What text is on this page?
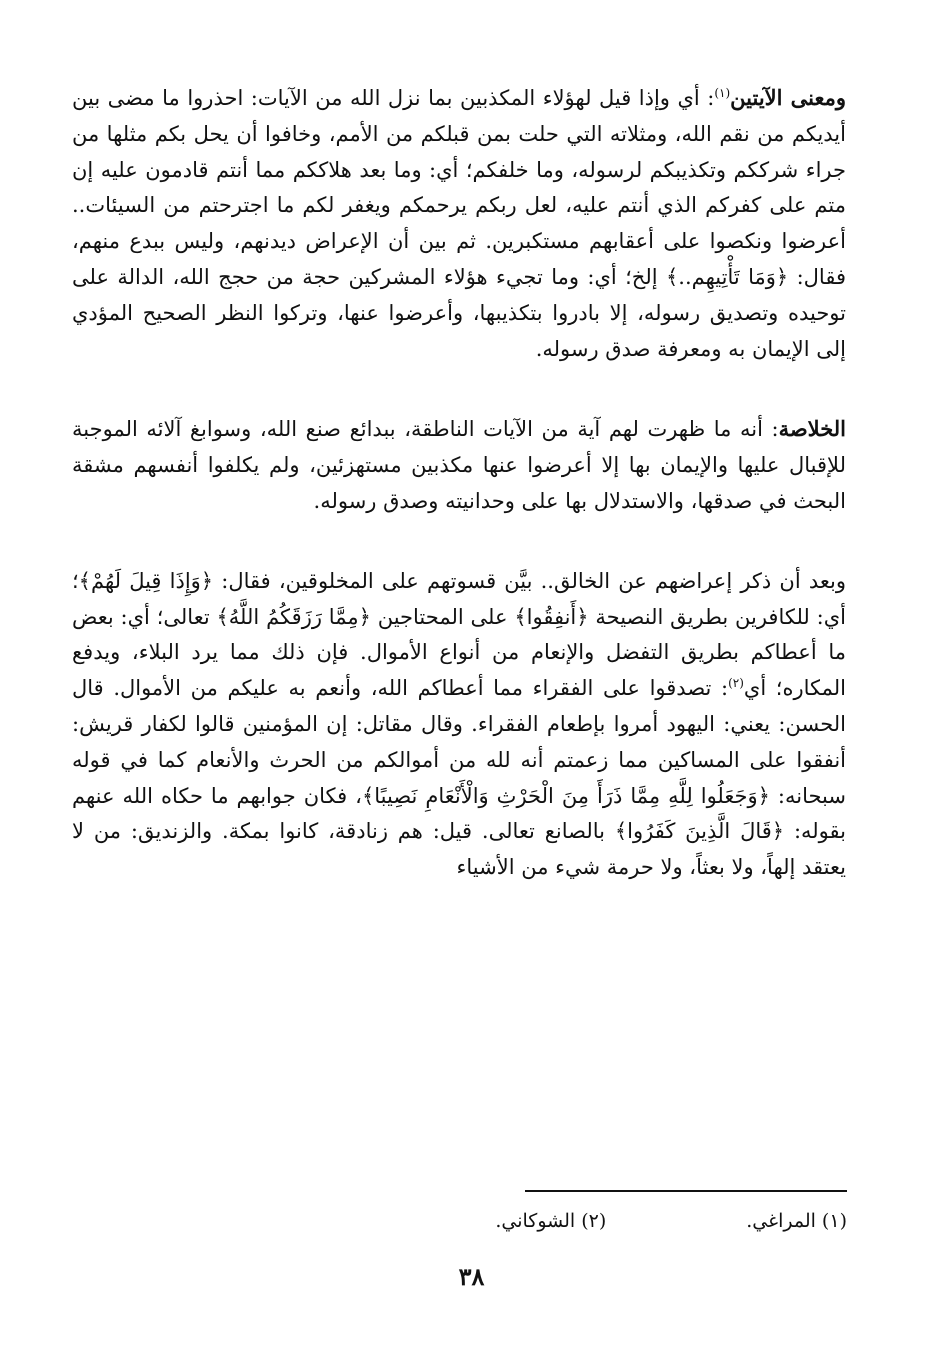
ومعنى الآيتين$^{(١)}$: أي وإذا قيل لهؤلاء المكذبين بما نزل الله من الآيات: احذروا ما مضى بين أيديكم من نقم الله، ومثلاته التي حلت بمن قبلكم من الأمم، وخافوا أن يحل بكم مثلها من جراء شرككم وتكذيبكم لرسوله، وما خلفكم؛ أي: وما بعد هلاككم مما أنتم قادمون عليه إن متم على كفركم الذي أنتم عليه، لعل ربكم يرحمكم ويغفر لكم ما اجترحتم من السيئات.. أعرضوا ونكصوا على أعقابهم مستكبرين. ثم بين أن الإعراض ديدنهم، وليس ببدع منهم، فقال: ﴿وَمَا تَأْتِيهِم..﴾ إلخ؛ أي: وما تجيء هؤلاء المشركين حجة من حجج الله، الدالة على توحيده وتصديق رسوله، إلا بادروا بتكذيبها، وأعرضوا عنها، وتركوا النظر الصحيح المؤدي إلى الإيمان به ومعرفة صدق رسوله.

الخلاصة: أنه ما ظهرت لهم آية من الآيات الناطقة، ببدائع صنع الله، وسوابغ آلائه الموجبة للإقبال عليها والإيمان بها إلا أعرضوا عنها مكذبين مستهزئين، ولم يكلفوا أنفسهم مشقة البحث في صدقها، والاستدلال بها على وحدانيته وصدق رسوله.

وبعد أن ذكر إعراضهم عن الخالق.. بيَّن قسوتهم على المخلوقين، فقال: ﴿وَإِذَا قِيلَ لَهُمْ﴾؛ أي: للكافرين بطريق النصيحة ﴿أَنفِقُوا﴾ على المحتاجين ﴿مِمَّا رَزَقَكُمُ اللَّهُ﴾ تعالى؛ أي: بعض ما أعطاكم بطريق التفضل والإنعام من أنواع الأموال. فإن ذلك مما يرد البلاء، ويدفع المكاره؛ أي$^{(٢)}$: تصدقوا على الفقراء مما أعطاكم الله، وأنعم به عليكم من الأموال. قال الحسن: يعني: اليهود أمروا بإطعام الفقراء. وقال مقاتل: إن المؤمنين قالوا لكفار قريش: أنفقوا على المساكين مما زعمتم أنه لله من أموالكم من الحرث والأنعام كما في قوله سبحانه: ﴿وَجَعَلُوا لِلَّهِ مِمَّا ذَرَأَ مِنَ الْحَرْثِ وَالْأَنْعَامِ نَصِيبًا﴾، فكان جوابهم ما حكاه الله عنهم بقوله: ﴿قَالَ الَّذِينَ كَفَرُوا﴾ بالصانع تعالى. قيل: هم زنادقة، كانوا بمكة. والزنديق: من لا يعتقد إلهاً، ولا بعثاً، ولا حرمة شيء من الأشياء

(١) المراغي.(٢) الشوكاني.
٣٨
